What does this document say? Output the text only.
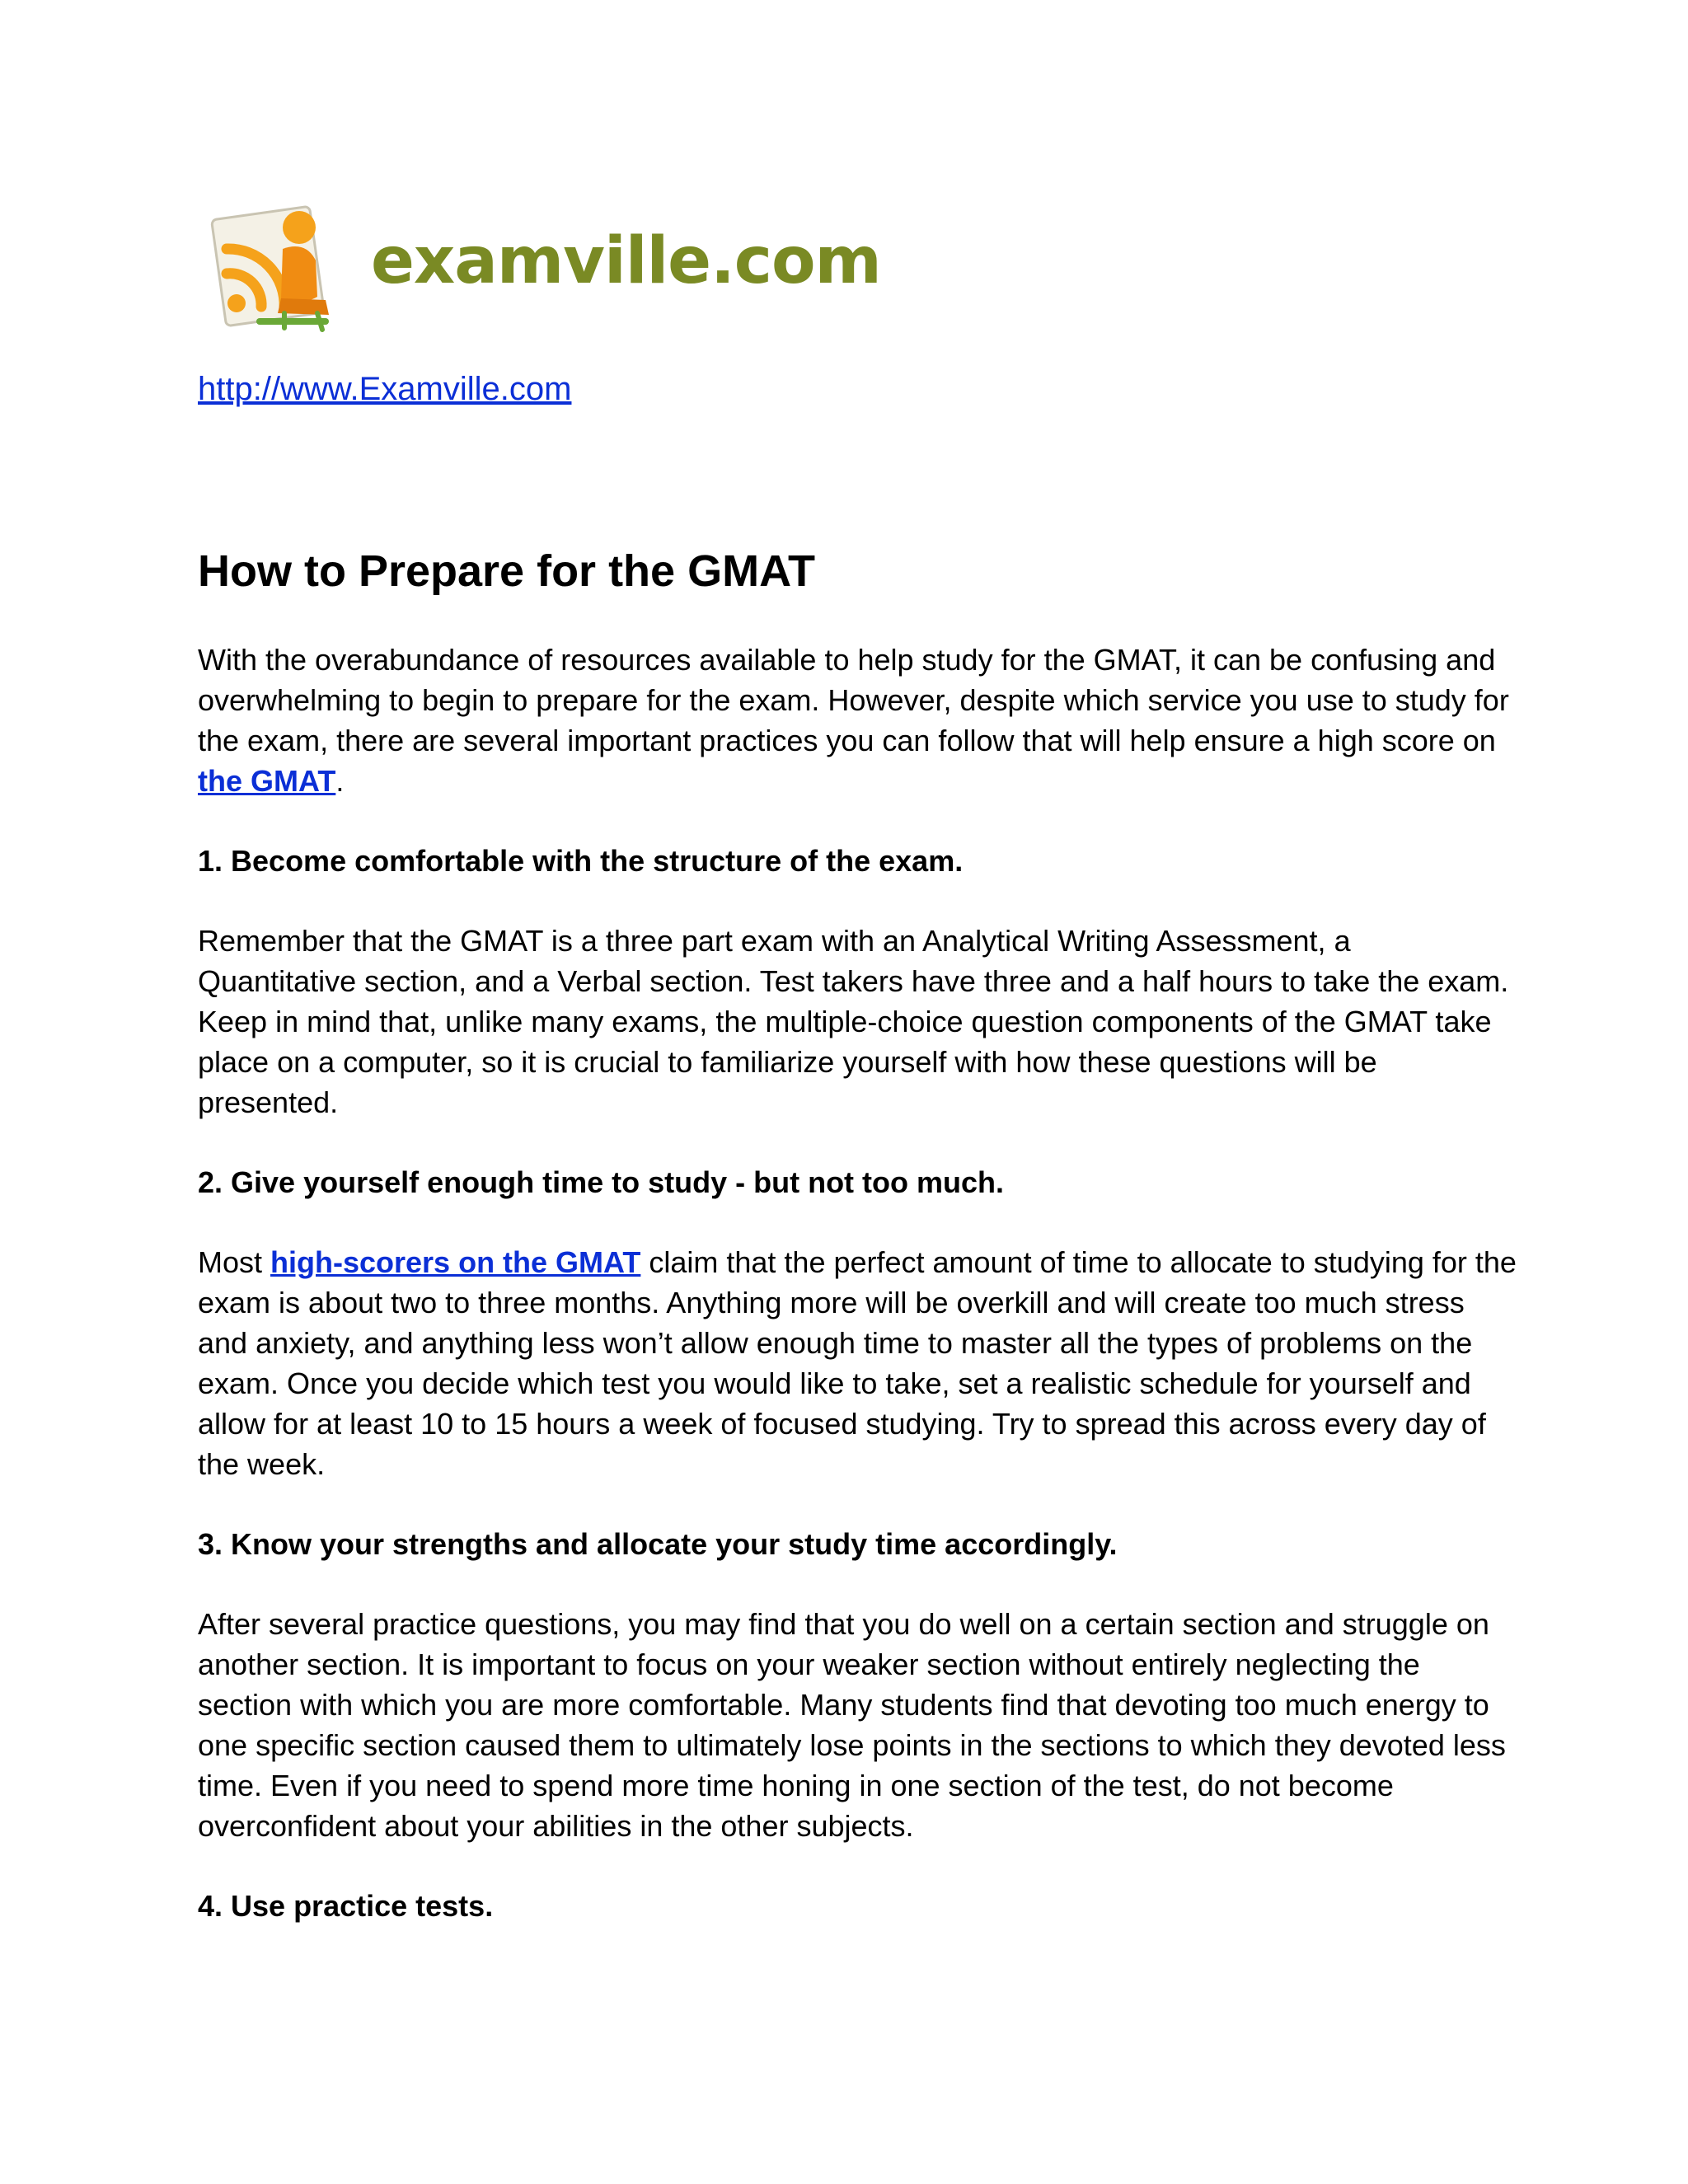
examville.com
http://www.Examville.com
How to Prepare for the GMAT

With the overabundance of resources available to help study for the GMAT, it can be confusing and overwhelming to begin to prepare for the exam. However, despite which service you use to study for the exam, there are several important practices you can follow that will help ensure a high score on the GMAT.

1. Become comfortable with the structure of the exam.

Remember that the GMAT is a three part exam with an Analytical Writing Assessment, a Quantitative section, and a Verbal section. Test takers have three and a half hours to take the exam. Keep in mind that, unlike many exams, the multiple-choice question components of the GMAT take place on a computer, so it is crucial to familiarize yourself with how these questions will be presented.

2. Give yourself enough time to study - but not too much.

Most high-scorers on the GMAT claim that the perfect amount of time to allocate to studying for the exam is about two to three months. Anything more will be overkill and will create too much stress and anxiety, and anything less won’t allow enough time to master all the types of problems on the exam. Once you decide which test you would like to take, set a realistic schedule for yourself and allow for at least 10 to 15 hours a week of focused studying. Try to spread this across every day of the week.

3. Know your strengths and allocate your study time accordingly.

After several practice questions, you may find that you do well on a certain section and struggle on another section. It is important to focus on your weaker section without entirely neglecting the section with which you are more comfortable. Many students find that devoting too much energy to one specific section caused them to ultimately lose points in the sections to which they devoted less time. Even if you need to spend more time honing in one section of the test, do not become overconfident about your abilities in the other subjects.

4. Use practice tests.
